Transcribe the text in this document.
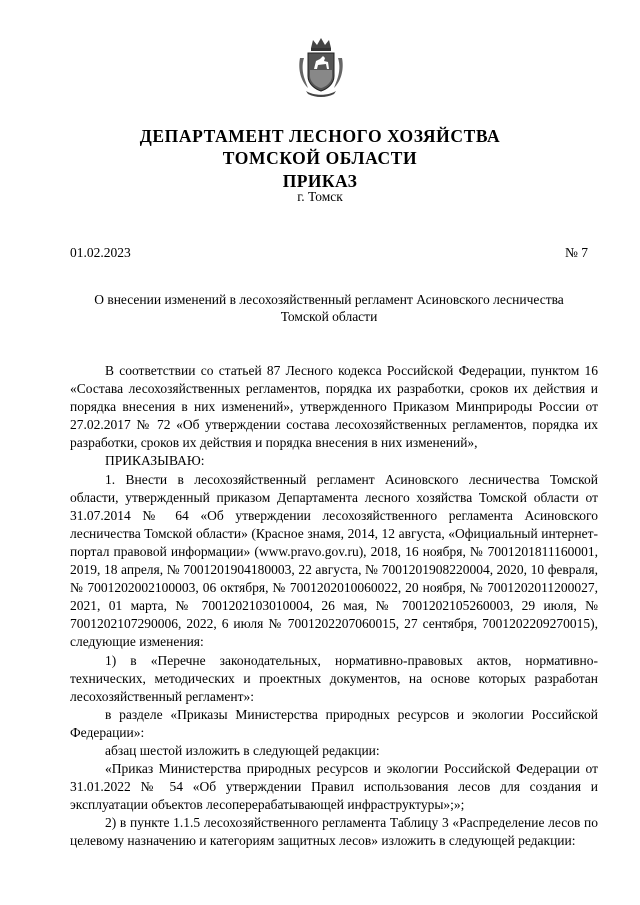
ДЕПАРТАМЕНТ ЛЕСНОГО ХОЗЯЙСТВА
ТОМСКОЙ ОБЛАСТИ
ПРИКАЗ
г. Томск
01.02.2023	№ 7
О внесении изменений в лесохозяйственный регламент Асиновского лесничества Томской области

В соответствии со статьей 87 Лесного кодекса Российской Федерации, пунктом 16 «Состава лесохозяйственных регламентов, порядка их разработки, сроков их действия и порядка внесения в них изменений», утвержденного Приказом Минприроды России от 27.02.2017 № 72 «Об утверждении состава лесохозяйственных регламентов, порядка их разработки, сроков их действия и порядка внесения в них изменений»,

ПРИКАЗЫВАЮ:

1. Внести в лесохозяйственный регламент Асиновского лесничества Томской области, утвержденный приказом Департамента лесного хозяйства Томской области от 31.07.2014 № 64 «Об утверждении лесохозяйственного регламента Асиновского лесничества Томской области» (Красное знамя, 2014, 12 августа, «Официальный интернет-портал правовой информации» (www.pravo.gov.ru), 2018, 16 ноября, № 7001201811160001, 2019, 18 апреля, № 7001201904180003, 22 августа, № 7001201908220004, 2020, 10 февраля, № 7001202002100003, 06 октября, № 7001202010060022, 20 ноября, № 7001202011200027, 2021, 01 марта, № 7001202103010004, 26 мая, № 7001202105260003, 29 июля, № 7001202107290006, 2022, 6 июля № 7001202207060015, 27 сентября, 7001202209270015), следующие изменения:

1) в «Перечне законодательных, нормативно-правовых актов, нормативно-технических, методических и проектных документов, на основе которых разработан лесохозяйственный регламент»:

в разделе «Приказы Министерства природных ресурсов и экологии Российской Федерации»:

абзац шестой изложить в следующей редакции:

«Приказ Министерства природных ресурсов и экологии Российской Федерации от 31.01.2022 № 54 «Об утверждении Правил использования лесов для создания и эксплуатации объектов лесоперерабатывающей инфраструктуры»;»;

2) в пункте 1.1.5 лесохозяйственного регламента Таблицу 3 «Распределение лесов по целевому назначению и категориям защитных лесов» изложить в следующей редакции:
